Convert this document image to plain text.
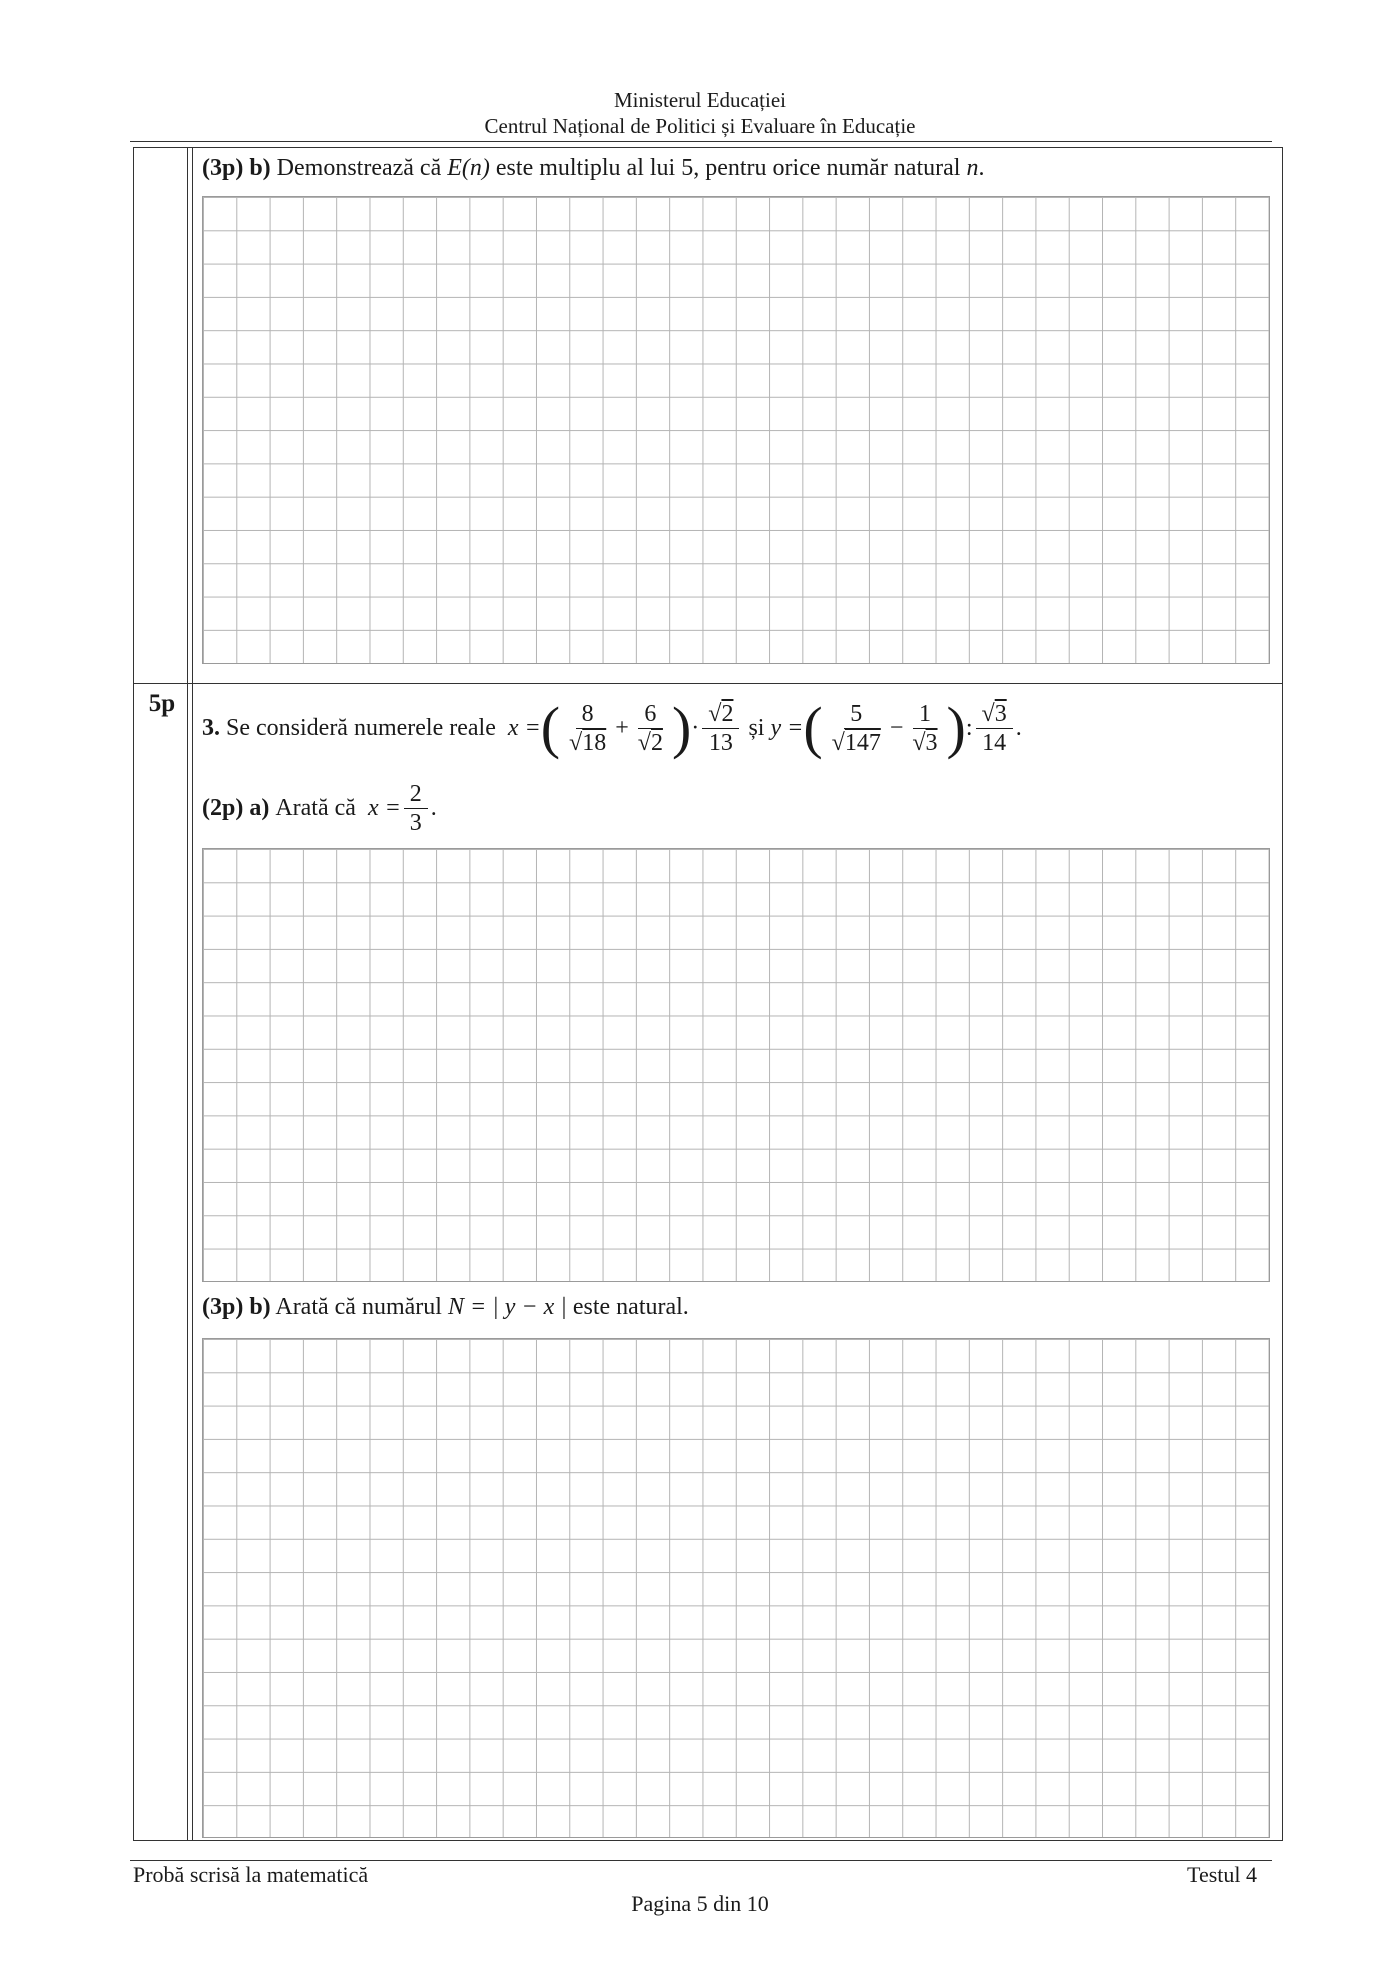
Ministerul Educației
Centrul Național de Politici și Evaluare în Educație
(3p) b) Demonstrează că E(n) este multiplu al lui 5, pentru orice număr natural n.
5p
3.
Se consideră numerele reale
x = ( $\frac{8}{√18} + \frac{6}{√2}$ ) · $\frac{√2}{13}$
și
y = ( $\frac{5}{√147} - \frac{1}{√3}$ ) : $\frac{√3}{14}$ .
(2p) a)
Arată că
$x = \frac{2}{3}$ .
(3p) b) Arată că numărul N = | y − x | este natural.
Probă scrisă la matematică	Testul 4
Pagina 5 din 10
